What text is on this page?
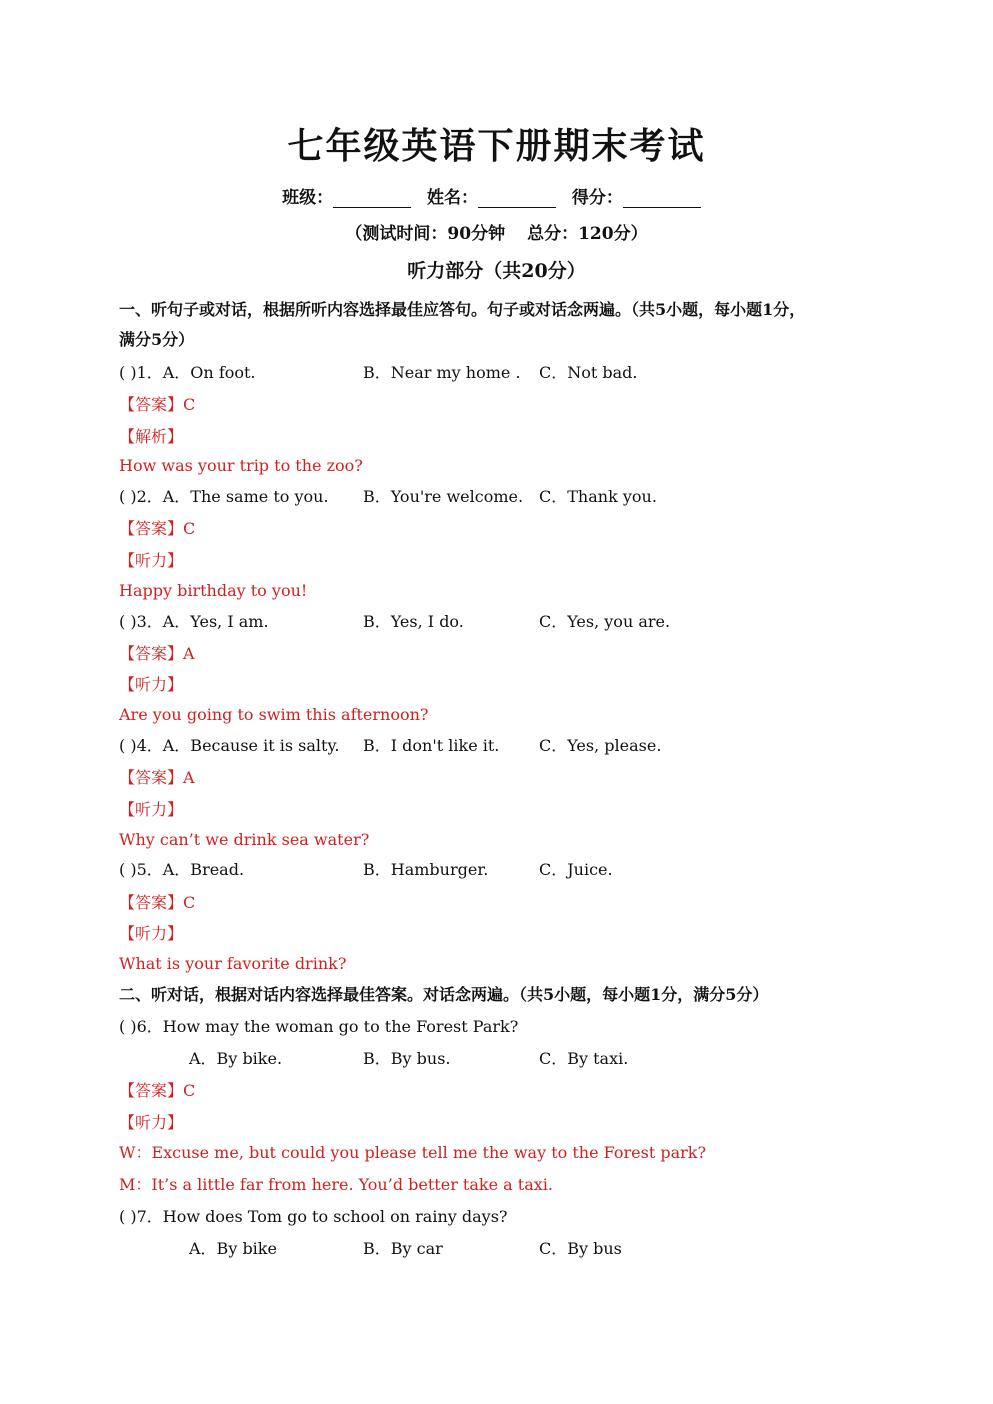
七年级英语下册期末考试
班级：	姓名：	得分：
（测试时间：90分钟 总分：120分）
听力部分（共20分）
一、听句子或对话，根据所听内容选择最佳应答句。句子或对话念两遍。（共5小题，每小题1分，
满分5分）
( )1．A．On foot.	B．Near my home . C．Not bad.
【答案】C
【解析】
How was your trip to the zoo?
( )2．A．The same to you. B．You're welcome. C．Thank you.
【答案】C
【听力】
Happy birthday to you!
( )3．A．Yes, I am.	B．Yes, I do.	C．Yes, you are.
【答案】A
【听力】
Are you going to swim this afternoon?
( )4．A．Because it is salty. B．I don't like it. C．Yes, please.
【答案】A
【听力】
Why can’t we drink sea water?
( )5．A．Bread.	B．Hamburger.	C．Juice.
【答案】C
【听力】
What is your favorite drink?
二、听对话，根据对话内容选择最佳答案。对话念两遍。（共5小题，每小题1分，满分5分）
( )6．How may the woman go to the Forest Park?
A．By bike.	B．By bus.	C．By taxi.
【答案】C
【听力】
W：Excuse me, but could you please tell me the way to the Forest park?
M：It’s a little far from here. You’d better take a taxi.
( )7．How does Tom go to school on rainy days?
A．By bike	B．By car	C．By bus
